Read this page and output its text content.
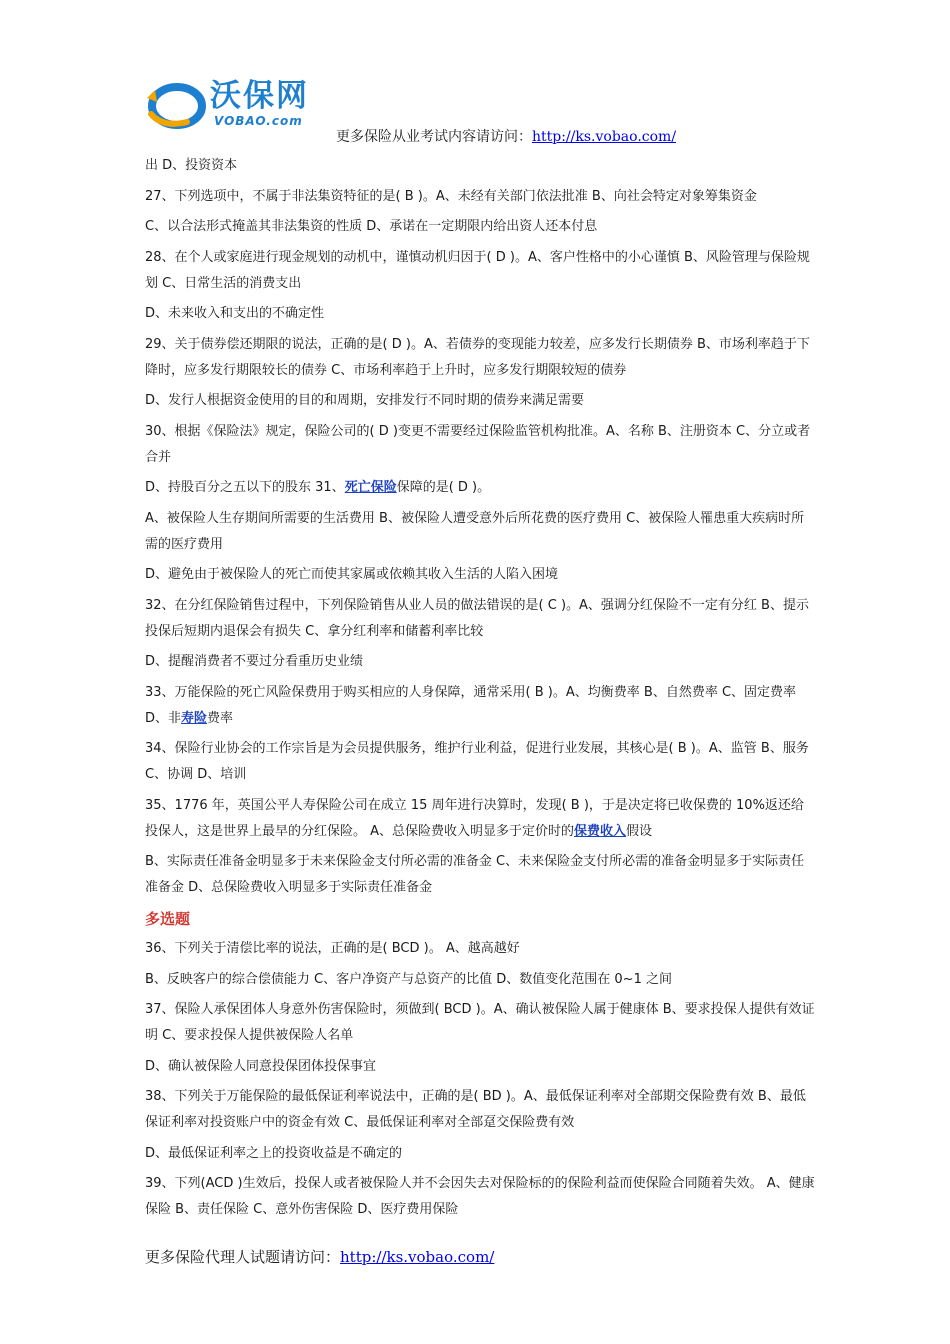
沃保网
VOBAO.com
更多保险从业考试内容请访问：http://ks.vobao.com/

出 D、投资资本

27、下列选项中，不属于非法集资特征的是( B )。A、未经有关部门依法批准 B、向社会特定对象筹集资金

C、以合法形式掩盖其非法集资的性质 D、承诺在一定期限内给出资人还本付息

28、在个人或家庭进行现金规划的动机中，谨慎动机归因于( D )。A、客户性格中的小心谨慎 B、风险管理与保险规划 C、日常生活的消费支出

D、未来收入和支出的不确定性

29、关于债券偿还期限的说法，正确的是( D )。A、若债券的变现能力较差，应多发行长期债券 B、市场利率趋于下降时，应多发行期限较长的债券 C、市场利率趋于上升时，应多发行期限较短的债券

D、发行人根据资金使用的目的和周期，安排发行不同时期的债券来满足需要

30、根据《保险法》规定，保险公司的( D )变更不需要经过保险监管机构批准。A、名称 B、注册资本 C、分立或者合并

D、持股百分之五以下的股东 31、死亡保险保障的是( D )。

A、被保险人生存期间所需要的生活费用 B、被保险人遭受意外后所花费的医疗费用 C、被保险人罹患重大疾病时所需的医疗费用

D、避免由于被保险人的死亡而使其家属或依赖其收入生活的人陷入困境

32、在分红保险销售过程中，下列保险销售从业人员的做法错误的是( C )。A、强调分红保险不一定有分红 B、提示投保后短期内退保会有损失 C、拿分红利率和储蓄利率比较

D、提醒消费者不要过分看重历史业绩

33、万能保险的死亡风险保费用于购买相应的人身保障，通常采用( B )。A、均衡费率 B、自然费率 C、固定费率 D、非寿险费率

34、保险行业协会的工作宗旨是为会员提供服务，维护行业利益，促进行业发展，其核心是( B )。A、监管 B、服务 C、协调 D、培训

35、1776 年，英国公平人寿保险公司在成立 15 周年进行决算时，发现( B )，于是决定将已收保费的 10%返还给投保人，这是世界上最早的分红保险。 A、总保险费收入明显多于定价时的保费收入假设

B、实际责任准备金明显多于未来保险金支付所必需的准备金 C、未来保险金支付所必需的准备金明显多于实际责任准备金 D、总保险费收入明显多于实际责任准备金

多选题

36、下列关于清偿比率的说法，正确的是( BCD )。 A、越高越好

B、反映客户的综合偿债能力 C、客户净资产与总资产的比值 D、数值变化范围在 0~1 之间

37、保险人承保团体人身意外伤害保险时，须做到( BCD )。A、确认被保险人属于健康体 B、要求投保人提供有效证明 C、要求投保人提供被保险人名单

D、确认被保险人同意投保团体投保事宜

38、下列关于万能保险的最低保证利率说法中，正确的是( BD )。A、最低保证利率对全部期交保险费有效 B、最低保证利率对投资账户中的资金有效 C、最低保证利率对全部趸交保险费有效

D、最低保证利率之上的投资收益是不确定的

39、下列(ACD )生效后，投保人或者被保险人并不会因失去对保险标的的保险利益而使保险合同随着失效。 A、健康保险 B、责任保险 C、意外伤害保险 D、医疗费用保险

更多保险代理人试题请访问：http://ks.vobao.com/
